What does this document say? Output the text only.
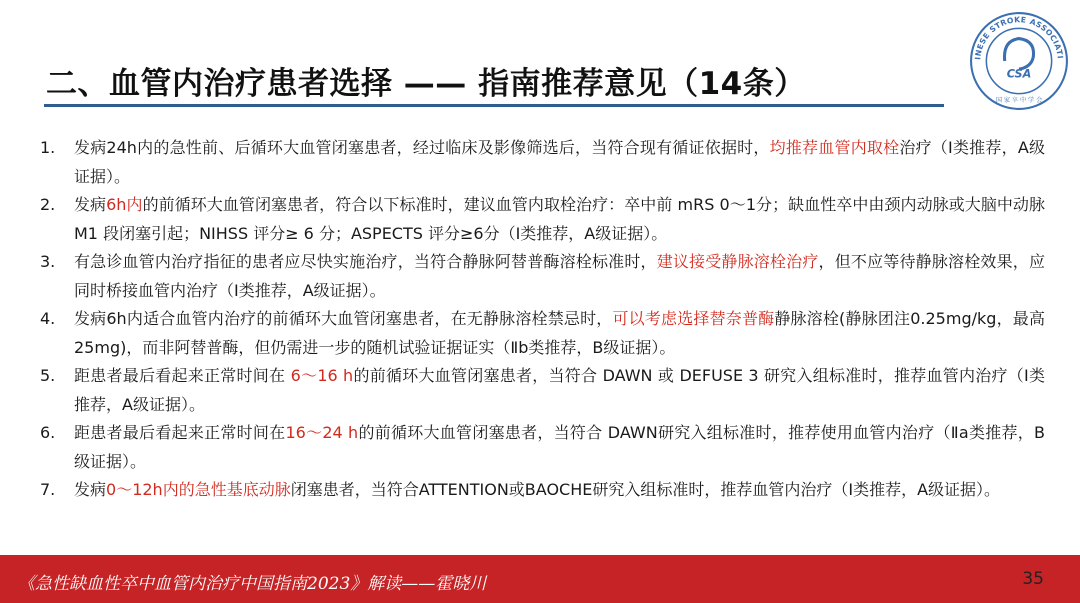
二、血管内治疗患者选择 —— 指南推荐意见（14条）
INESE STROKE ASSOCIATI
CSA
国 家 卒 中 学 会
1. 发病24h内的急性前、后循环大血管闭塞患者，经过临床及影像筛选后，当符合现有循证依据时，均推荐血管内取栓治疗（I类推荐，A级证据）。
2. 发病6h内的前循环大血管闭塞患者，符合以下标准时，建议血管内取栓治疗：卒中前 mRS 0～1分；缺血性卒中由颈内动脉或大脑中动脉 M1 段闭塞引起；NIHSS 评分≥ 6 分；ASPECTS 评分≥6分（I类推荐，A级证据）。
3. 有急诊血管内治疗指征的患者应尽快实施治疗，当符合静脉阿替普酶溶栓标准时，建议接受静脉溶栓治疗，但不应等待静脉溶栓效果，应同时桥接血管内治疗（I类推荐，A级证据）。
4. 发病6h内适合血管内治疗的前循环大血管闭塞患者，在无静脉溶栓禁忌时，可以考虑选择替奈普酶静脉溶栓(静脉团注0.25mg/kg，最高25mg)，而非阿替普酶，但仍需进一步的随机试验证据证实（Ⅱb类推荐，B级证据）。
5. 距患者最后看起来正常时间在 6～16 h的前循环大血管闭塞患者，当符合 DAWN 或 DEFUSE 3 研究入组标准时，推荐血管内治疗（I类推荐，A级证据）。
6. 距患者最后看起来正常时间在16～24 h的前循环大血管闭塞患者，当符合 DAWN研究入组标准时，推荐使用血管内治疗（Ⅱa类推荐，B级证据）。
7. 发病0～12h内的急性基底动脉闭塞患者，当符合ATTENTION或BAOCHE研究入组标准时，推荐血管内治疗（I类推荐，A级证据）。
《急性缺血性卒中血管内治疗中国指南2023》解读——霍晓川	35
